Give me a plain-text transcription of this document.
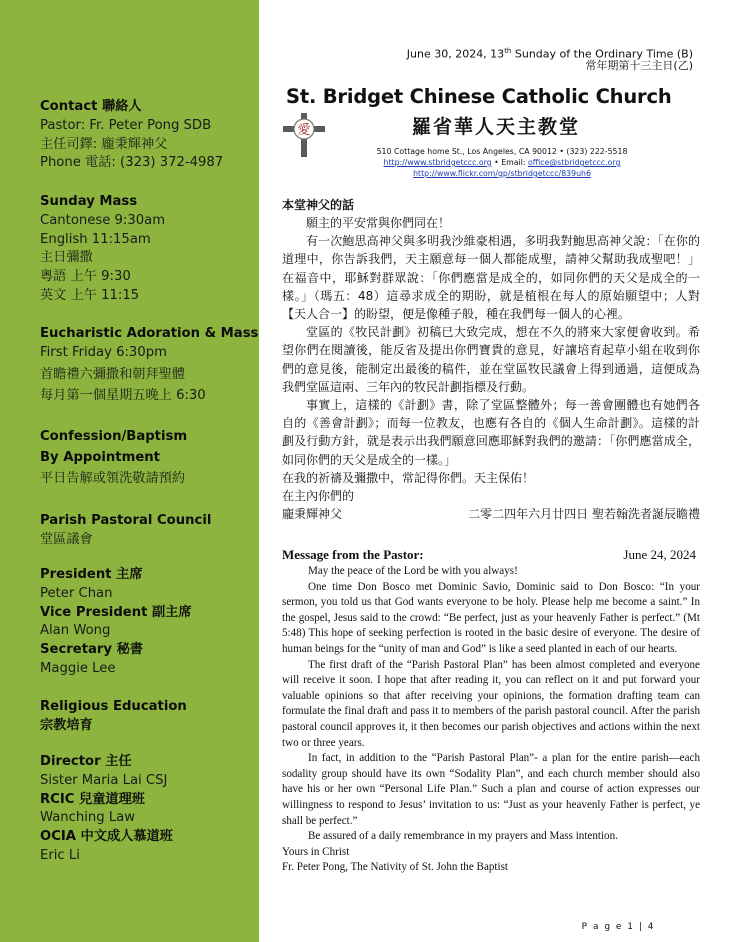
Contact 聯絡人
Pastor: Fr. Peter Pong SDB
主任司鐸: 龐秉輝神父
Phone 電話: (323) 372-4987
Sunday Mass
Cantonese 9:30am
English 11:15am
主日彌撒
粵語 上午 9:30
英文 上午 11:15
Eucharistic Adoration & Mass
First Friday 6:30pm
首瞻禮六彌撒和朝拜聖體
每月第一個星期五晚上 6:30
Confession/Baptism
By Appointment
平日告解或領洗敬請預約
Parish Pastoral Council
堂區議會
President 主席
Peter Chan
Vice President 副主席
Alan Wong
Secretary 秘書
Maggie Lee
Religious Education
宗教培育
Director 主任
Sister Maria Lai CSJ
RCIC 兒童道理班
Wanching Law
OCIA 中文成人慕道班
Eric Li
June 30, 2024, 13th Sunday of the Ordinary Time (B)
常年期第十三主日(乙)
St. Bridget Chinese Catholic Church
愛	羅省華人天主教堂
510 Cottage home St., Los Angeles, CA 90012 • (323) 222-5518
http://www.stbridgetccc.org • Email: office@stbridgetccc.org
http://www.flickr.com/gp/stbridgetccc/839uh6
本堂神父的話

願主的平安常與你們同在！

有一次鮑思高神父與多明我沙維豪相遇，多明我對鮑思高神父說：「在你的道理中，你告訴我們，天主願意每一個人都能成聖，請神父幫助我成聖吧！」在福音中，耶穌對群眾說：「你們應當是成全的，如同你們的天父是成全的一樣。」（瑪五：48）這尋求成全的期盼，就是植根在每人的原始願望中；人對【天人合一】的盼望，便是像種子般，種在我們每一個人的心裡。

堂區的《牧民計劃》初稿已大致完成，想在不久的將來大家便會收到。希望你們在閱讀後，能反省及提出你們寶貴的意見，好讓培育起草小組在收到你們的意見後，能制定出最後的稿件，並在堂區牧民議會上得到通過，這便成為我們堂區這兩、三年內的牧民計劃指標及行動。

事實上，這樣的《計劃》書，除了堂區整體外；每一善會團體也有她們各自的《善會計劃》；而每一位教友，也應有各自的《個人生命計劃》。這樣的計劃及行動方針，就是表示出我們願意回應耶穌對我們的邀請：「你們應當成全，如同你們的天父是成全的一樣。」

在我的祈禱及彌撒中，常記得你們。天主保佑！

在主內你們的

龐秉輝神父	二零二四年六月廿四日 聖若翰洗者誕辰瞻禮
Message from the Pastor:	June 24, 2024

May the peace of the Lord be with you always!

One time Don Bosco met Dominic Savio, Dominic said to Don Bosco: “In your sermon, you told us that God wants everyone to be holy. Please help me become a saint.” In the gospel, Jesus said to the crowd: “Be perfect, just as your heavenly Father is perfect.” (Mt 5:48) This hope of seeking perfection is rooted in the basic desire of everyone. The desire of human beings for the “unity of man and God” is like a seed planted in each of our hearts.

The first draft of the “Parish Pastoral Plan” has been almost completed and everyone will receive it soon. I hope that after reading it, you can reflect on it and put forward your valuable opinions so that after receiving your opinions, the formation drafting team can formulate the final draft and pass it to members of the parish pastoral council. After the parish pastoral council approves it, it then becomes our parish objectives and actions within the next two or three years.

In fact, in addition to the “Parish Pastoral Plan”- a plan for the entire parish—each sodality group should have its own “Sodality Plan”, and each church member should also have his or her own “Personal Life Plan.” Such a plan and course of action expresses our willingness to respond to Jesus’ invitation to us: “Just as your heavenly Father is perfect, ye shall be perfect.”

Be assured of a daily remembrance in my prayers and Mass intention.

Yours in Christ

Fr. Peter Pong, The Nativity of St. John the Baptist

P a g e 1 | 4
